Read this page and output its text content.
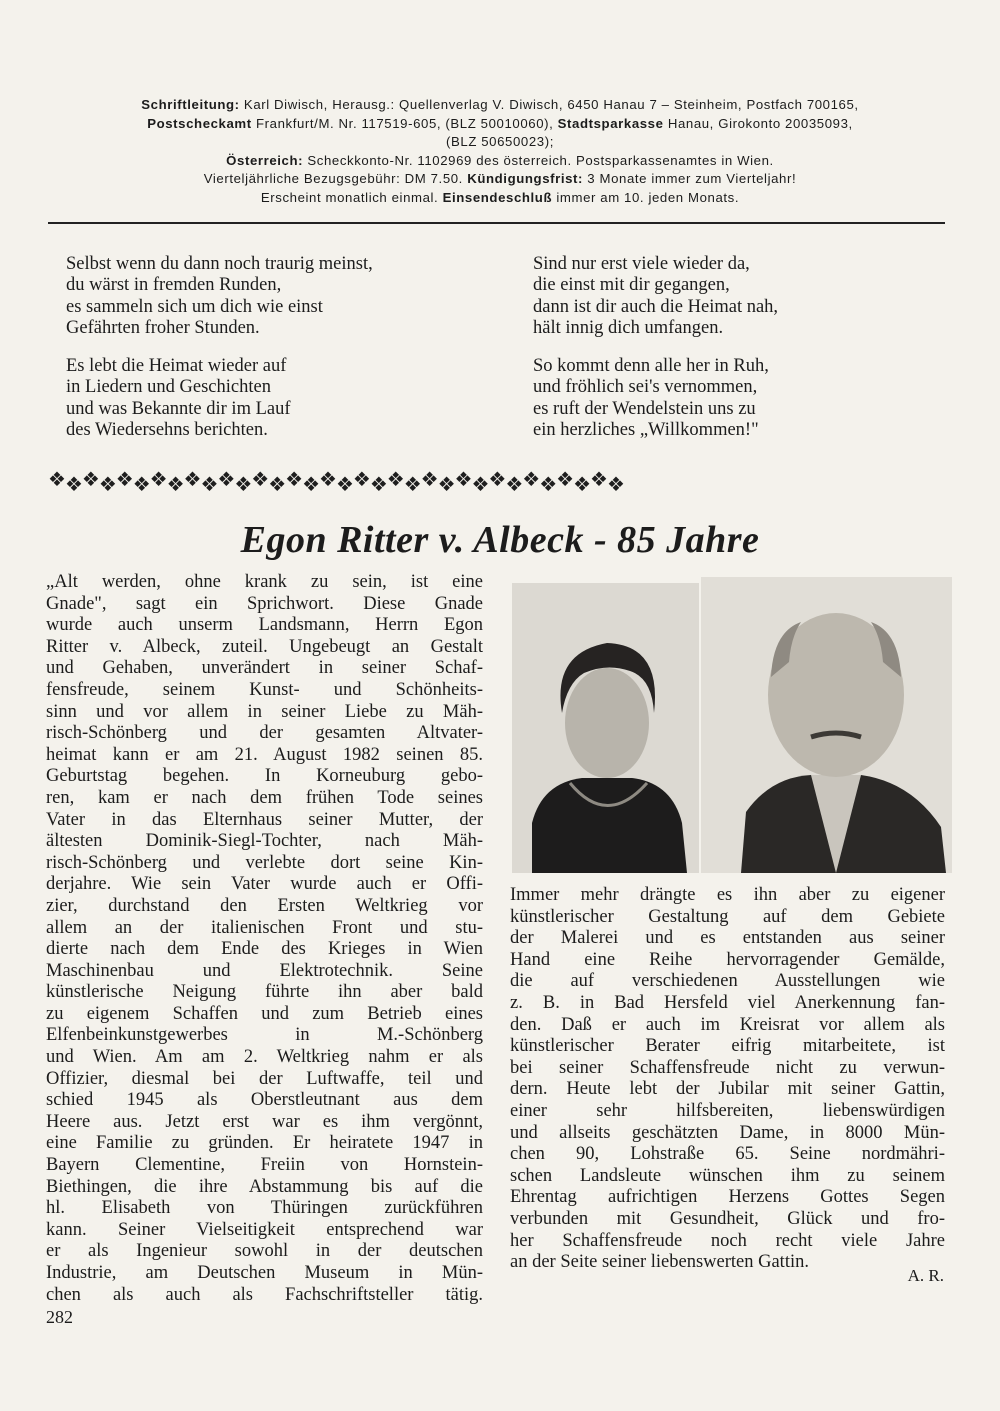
Schriftleitung: Karl Diwisch, Herausg.: Quellenverlag V. Diwisch, 6450 Hanau 7 – Steinheim, Postfach 700165,
Postscheckamt Frankfurt/M. Nr. 117519-605, (BLZ 50010060), Stadtsparkasse Hanau, Girokonto 20035093,
(BLZ 50650023);
Österreich: Scheckkonto-Nr. 1102969 des österreich. Postsparkassenamtes in Wien.
Vierteljährliche Bezugsgebühr: DM 7.50. Kündigungsfrist: 3 Monate immer zum Vierteljahr!
Erscheint monatlich einmal. Einsendeschluß immer am 10. jeden Monats.
Selbst wenn du dann noch traurig meinst,
du wärst in fremden Runden,
es sammeln sich um dich wie einst
Gefährten froher Stunden.
Es lebt die Heimat wieder auf
in Liedern und Geschichten
und was Bekannte dir im Lauf
des Wiedersehns berichten.
Sind nur erst viele wieder da,
die einst mit dir gegangen,
dann ist dir auch die Heimat nah,
hält innig dich umfangen.
So kommt denn alle her in Ruh,
und fröhlich sei's vernommen,
es ruft der Wendelstein uns zu
ein herzliches „Willkommen!"
❖❖❖❖❖❖❖❖❖❖❖❖❖❖❖❖❖❖❖❖❖❖❖❖❖❖❖❖❖❖❖❖❖❖
Egon Ritter v. Albeck - 85 Jahre
„Alt werden, ohne krank zu sein, ist eine
Gnade", sagt ein Sprichwort. Diese Gnade
wurde auch unserm Landsmann, Herrn Egon
Ritter v. Albeck, zuteil. Ungebeugt an Gestalt
und Gehaben, unverändert in seiner Schaf-
fensfreude, seinem Kunst- und Schönheits-
sinn und vor allem in seiner Liebe zu Mäh-
risch-Schönberg und der gesamten Altvater-
heimat kann er am 21. August 1982 seinen 85.
Geburtstag begehen. In Korneuburg gebo-
ren, kam er nach dem frühen Tode seines
Vater in das Elternhaus seiner Mutter, der
ältesten Dominik-Siegl-Tochter, nach Mäh-
risch-Schönberg und verlebte dort seine Kin-
derjahre. Wie sein Vater wurde auch er Offi-
zier, durchstand den Ersten Weltkrieg vor
allem an der italienischen Front und stu-
dierte nach dem Ende des Krieges in Wien
Maschinenbau und Elektrotechnik. Seine
künstlerische Neigung führte ihn aber bald
zu eigenem Schaffen und zum Betrieb eines
Elfenbeinkunstgewerbes in M.-Schönberg
und Wien. Am am 2. Weltkrieg nahm er als
Offizier, diesmal bei der Luftwaffe, teil und
schied 1945 als Oberstleutnant aus dem
Heere aus. Jetzt erst war es ihm vergönnt,
eine Familie zu gründen. Er heiratete 1947 in
Bayern Clementine, Freiin von Hornstein-
Biethingen, die ihre Abstammung bis auf die
hl. Elisabeth von Thüringen zurückführen
kann. Seiner Vielseitigkeit entsprechend war
er als Ingenieur sowohl in der deutschen
Industrie, am Deutschen Museum in Mün-
chen als auch als Fachschriftsteller tätig.
Immer mehr drängte es ihn aber zu eigener
künstlerischer Gestaltung auf dem Gebiete
der Malerei und es entstanden aus seiner
Hand eine Reihe hervorragender Gemälde,
die auf verschiedenen Ausstellungen wie
z. B. in Bad Hersfeld viel Anerkennung fan-
den. Daß er auch im Kreisrat vor allem als
künstlerischer Berater eifrig mitarbeitete, ist
bei seiner Schaffensfreude nicht zu verwun-
dern. Heute lebt der Jubilar mit seiner Gattin,
einer sehr hilfsbereiten, liebenswürdigen
und allseits geschätzten Dame, in 8000 Mün-
chen 90, Lohstraße 65. Seine nordmähri-
schen Landsleute wünschen ihm zu seinem
Ehrentag aufrichtigen Herzens Gottes Segen
verbunden mit Gesundheit, Glück und fro-
her Schaffensfreude noch recht viele Jahre
an der Seite seiner liebenswerten Gattin.
A. R.
282
